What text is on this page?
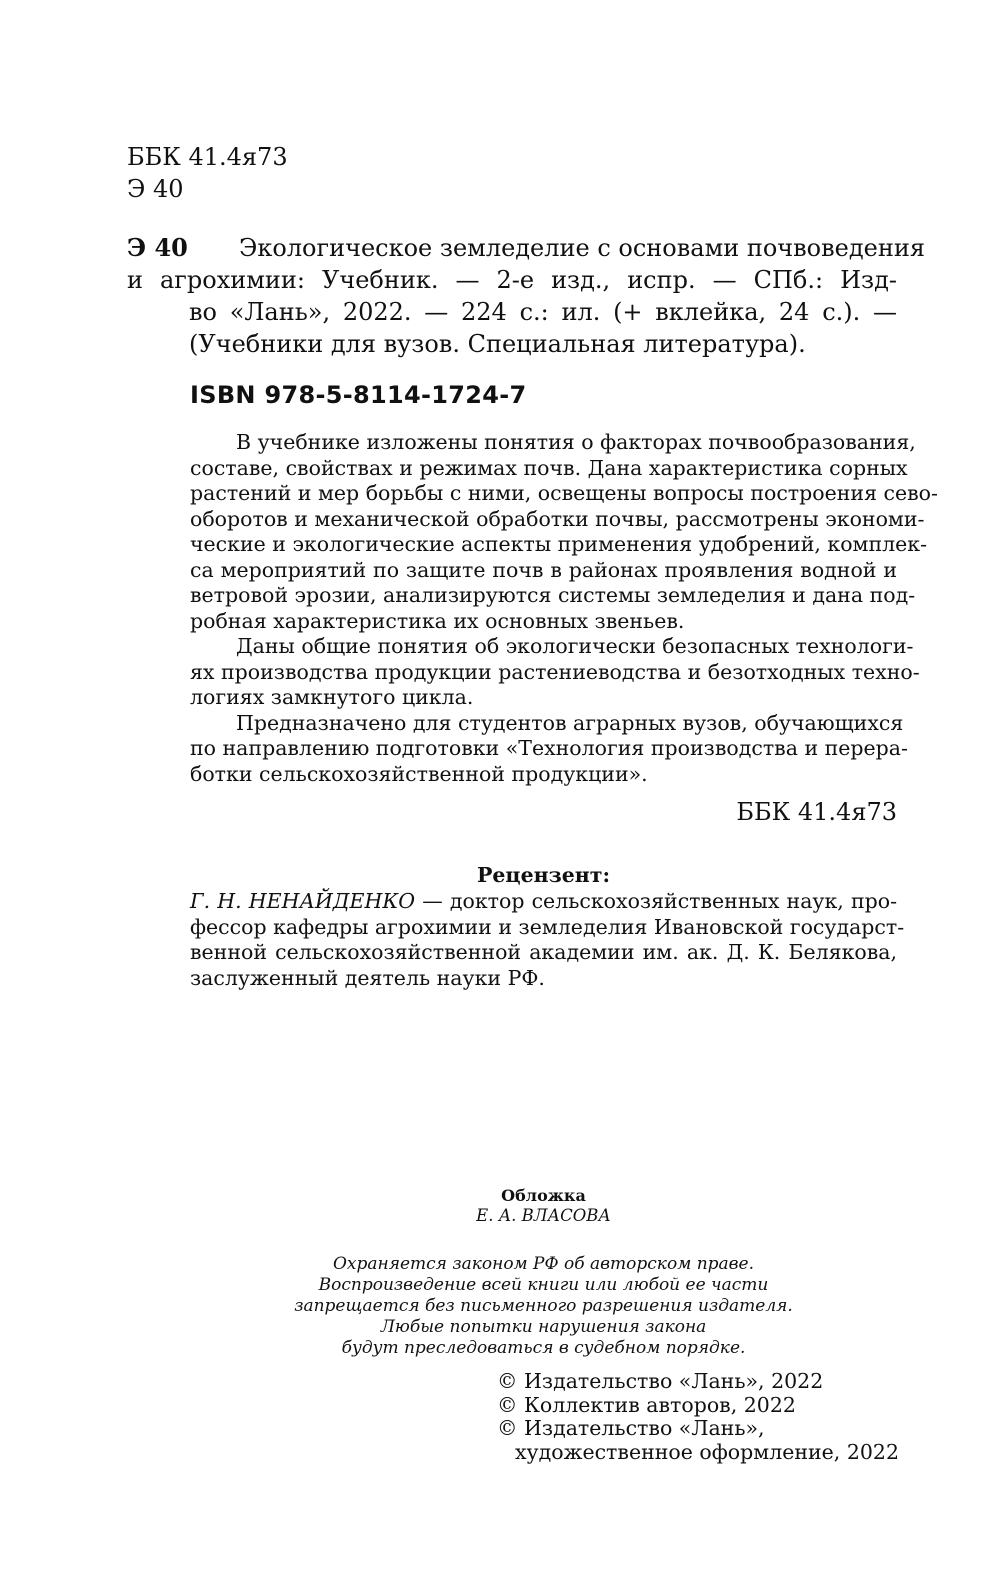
ББК 41.4я73
Э 40
Э 40	Экологическое земледелие с основами почвоведения
и агрохимии: Учебник. — 2-е изд., испр. — СПб.: Изд-
во «Лань», 2022. — 224 с.: ил. (+ вклейка, 24 с.). —
(Учебники для вузов. Специальная литература).
ISBN 978-5-8114-1724-7
В учебнике изложены понятия о факторах почвообразования,
составе, свойствах и режимах почв. Дана характеристика сорных
растений и мер борьбы с ними, освещены вопросы построения сево-
оборотов и механической обработки почвы, рассмотрены экономи-
ческие и экологические аспекты применения удобрений, комплек-
са мероприятий по защите почв в районах проявления водной и
ветровой эрозии, анализируются системы земледелия и дана под-
робная характеристика их основных звеньев.
Даны общие понятия об экологически безопасных технологи-
ях производства продукции растениеводства и безотходных техно-
логиях замкнутого цикла.
Предназначено для студентов аграрных вузов, обучающихся
по направлению подготовки «Технология производства и перера-
ботки сельскохозяйственной продукции».
ББК 41.4я73
Рецензент:
Г. Н. НЕНАЙДЕНКО — доктор сельскохозяйственных наук, про-
фессор кафедры агрохимии и земледелия Ивановской государст-
венной сельскохозяйственной академии им. ак. Д. К. Белякова,
заслуженный деятель науки РФ.
Обложка
Е. А. ВЛАСОВА
Охраняется законом РФ об авторском праве.
Воспроизведение всей книги или любой ее части
запрещается без письменного разрешения издателя.
Любые попытки нарушения закона
будут преследоваться в судебном порядке.
© Издательство «Лань», 2022
© Коллектив авторов, 2022
© Издательство «Лань»,
художественное оформление, 2022
